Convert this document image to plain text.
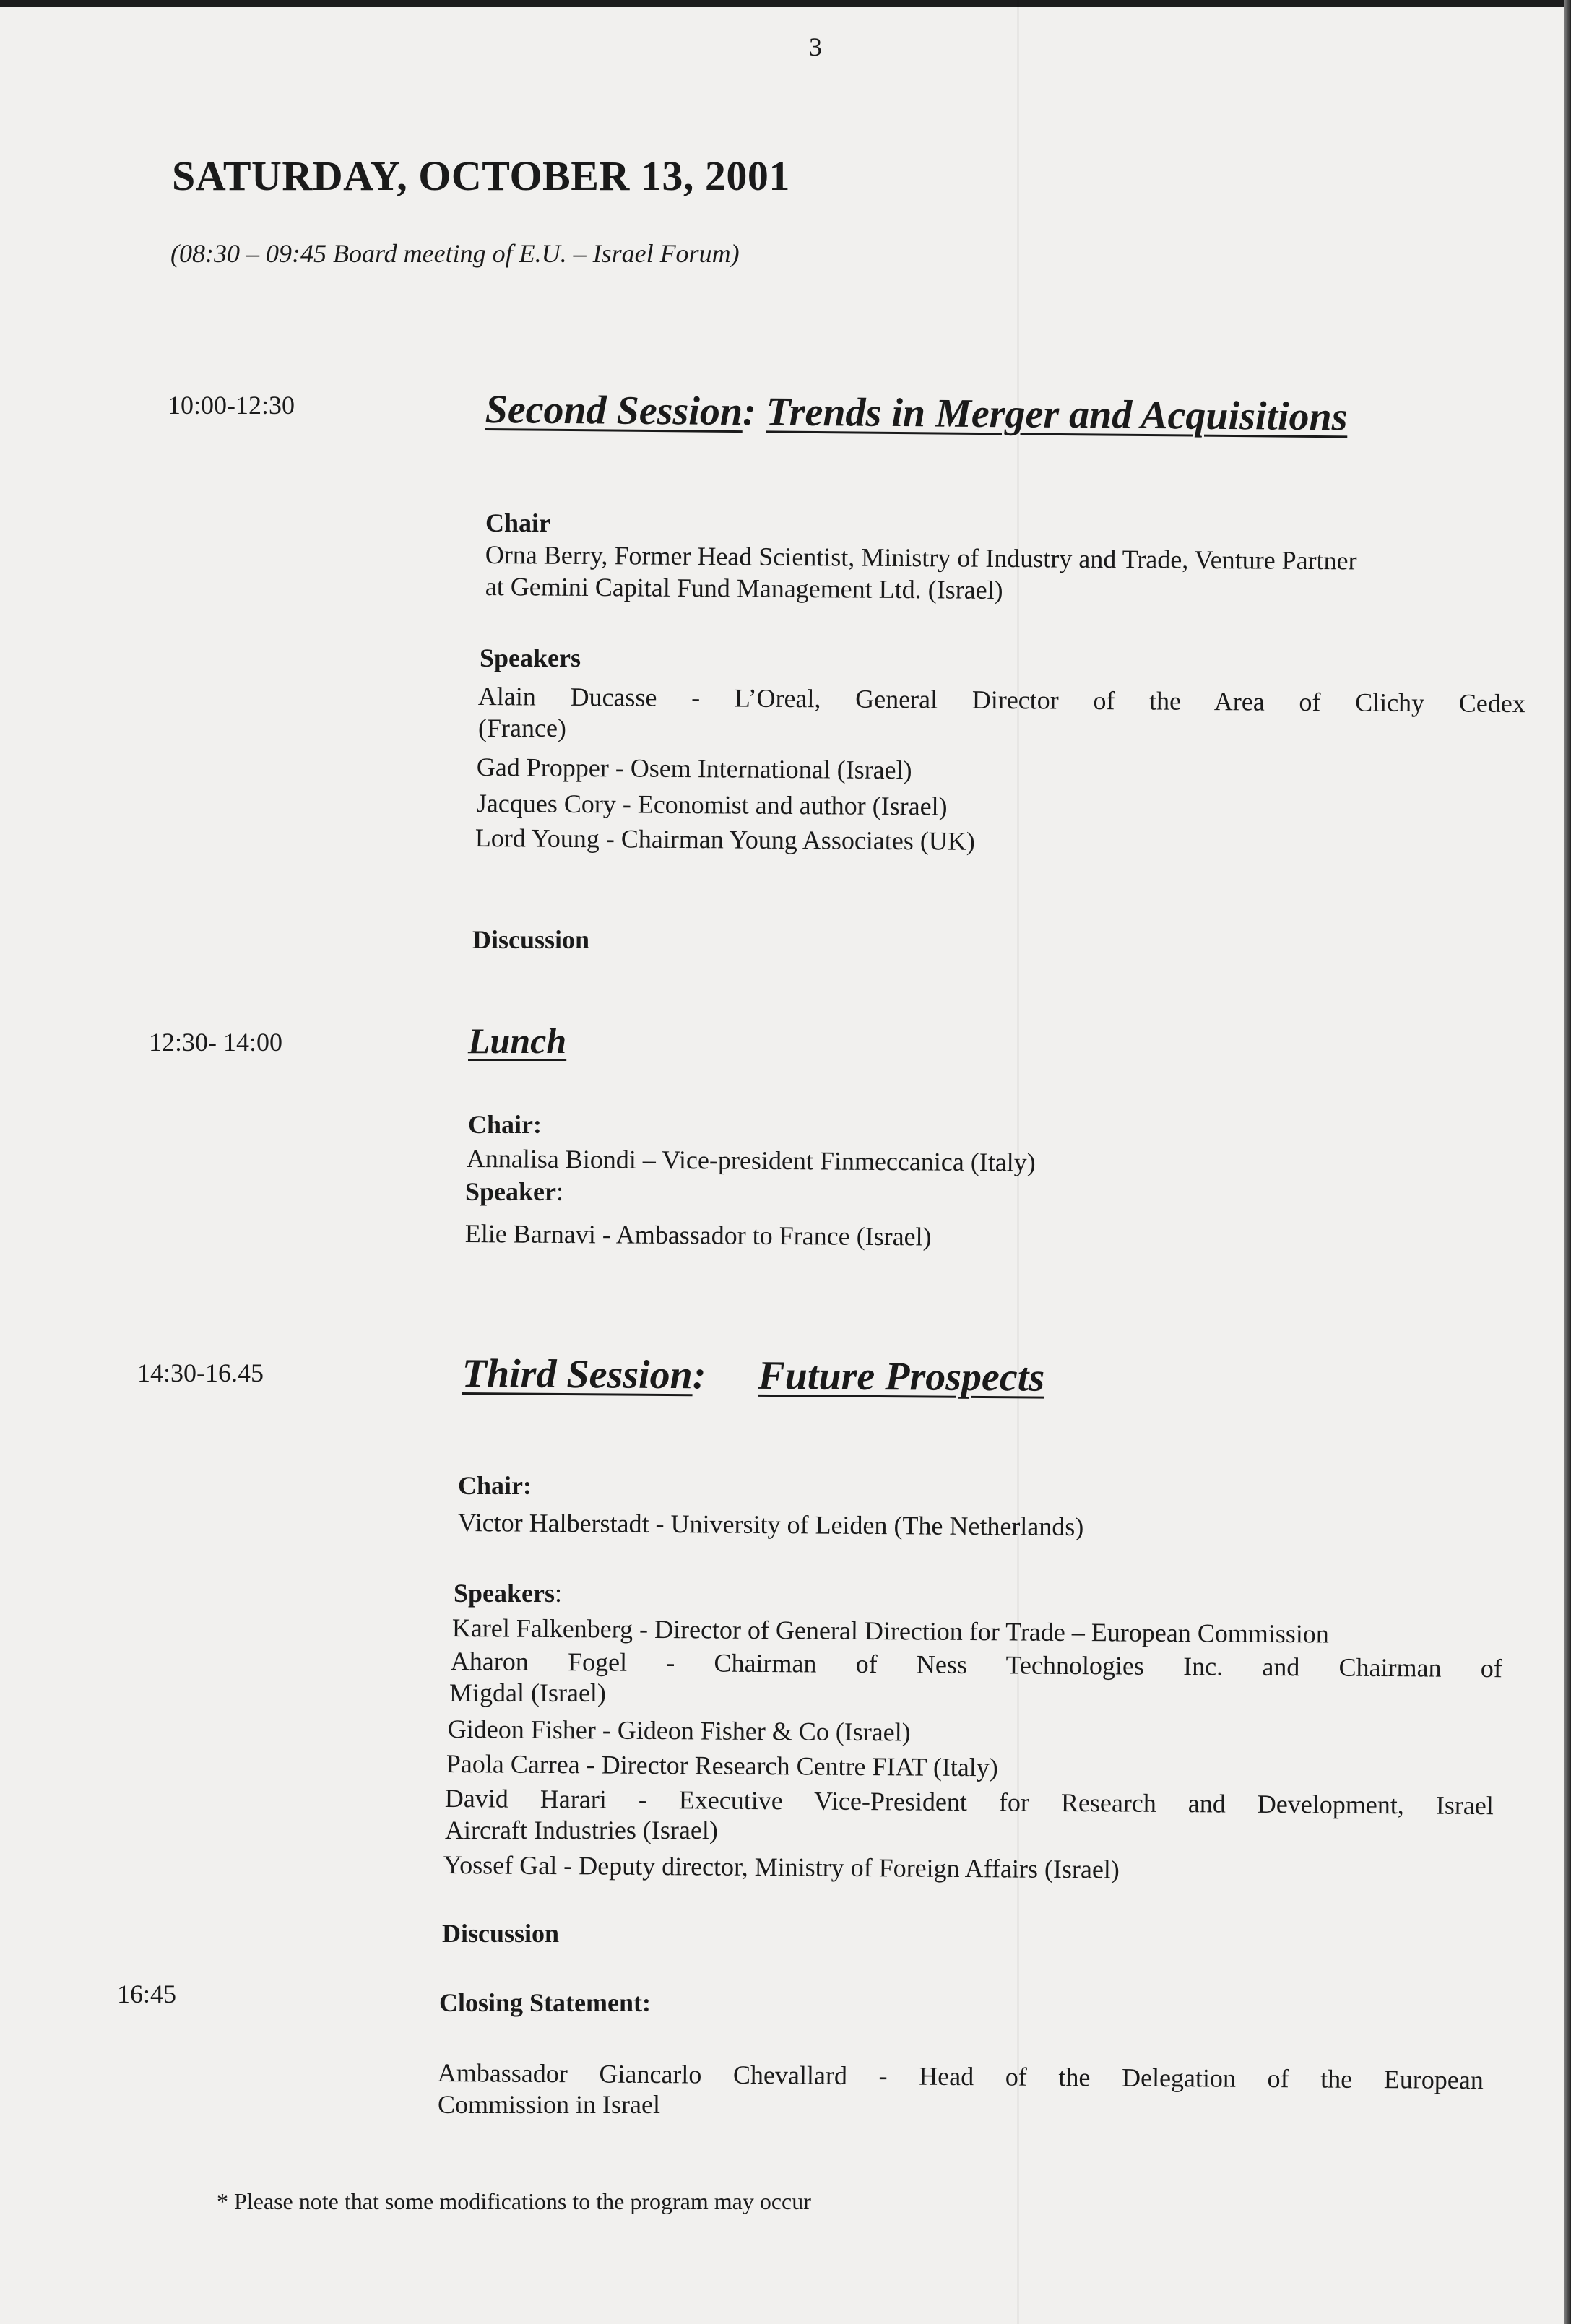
3
SATURDAY, OCTOBER 13, 2001
(08:30 – 09:45 Board meeting of E.U. – Israel Forum)
10:00-12:30	Second Session: Trends in Merger and Acquisitions
Chair
Orna Berry, Former Head Scientist, Ministry of Industry and Trade, Venture Partner
at Gemini Capital Fund Management Ltd. (Israel)
Speakers
Alain Ducasse - L’Oreal, General Director of the Area of Clichy Cedex
(France)
Gad Propper - Osem International (Israel)
Jacques Cory - Economist and author (Israel)
Lord Young - Chairman Young Associates (UK)
Discussion
12:30- 14:00	Lunch
Chair:
Annalisa Biondi – Vice-president Finmeccanica (Italy)
Speaker:
Elie Barnavi - Ambassador to France (Israel)
14:30-16.45	Third Session: Future Prospects
Chair:
Victor Halberstadt - University of Leiden (The Netherlands)
Speakers:
Karel Falkenberg - Director of General Direction for Trade – European Commission
Aharon Fogel - Chairman of Ness Technologies Inc. and Chairman of
Migdal (Israel)
Gideon Fisher - Gideon Fisher & Co (Israel)
Paola Carrea - Director Research Centre FIAT (Italy)
David Harari - Executive Vice-President for Research and Development, Israel
Aircraft Industries (Israel)
Yossef Gal - Deputy director, Ministry of Foreign Affairs (Israel)
Discussion
16:45	Closing Statement:
Ambassador Giancarlo Chevallard - Head of the Delegation of the European
Commission in Israel
* Please note that some modifications to the program may occur
